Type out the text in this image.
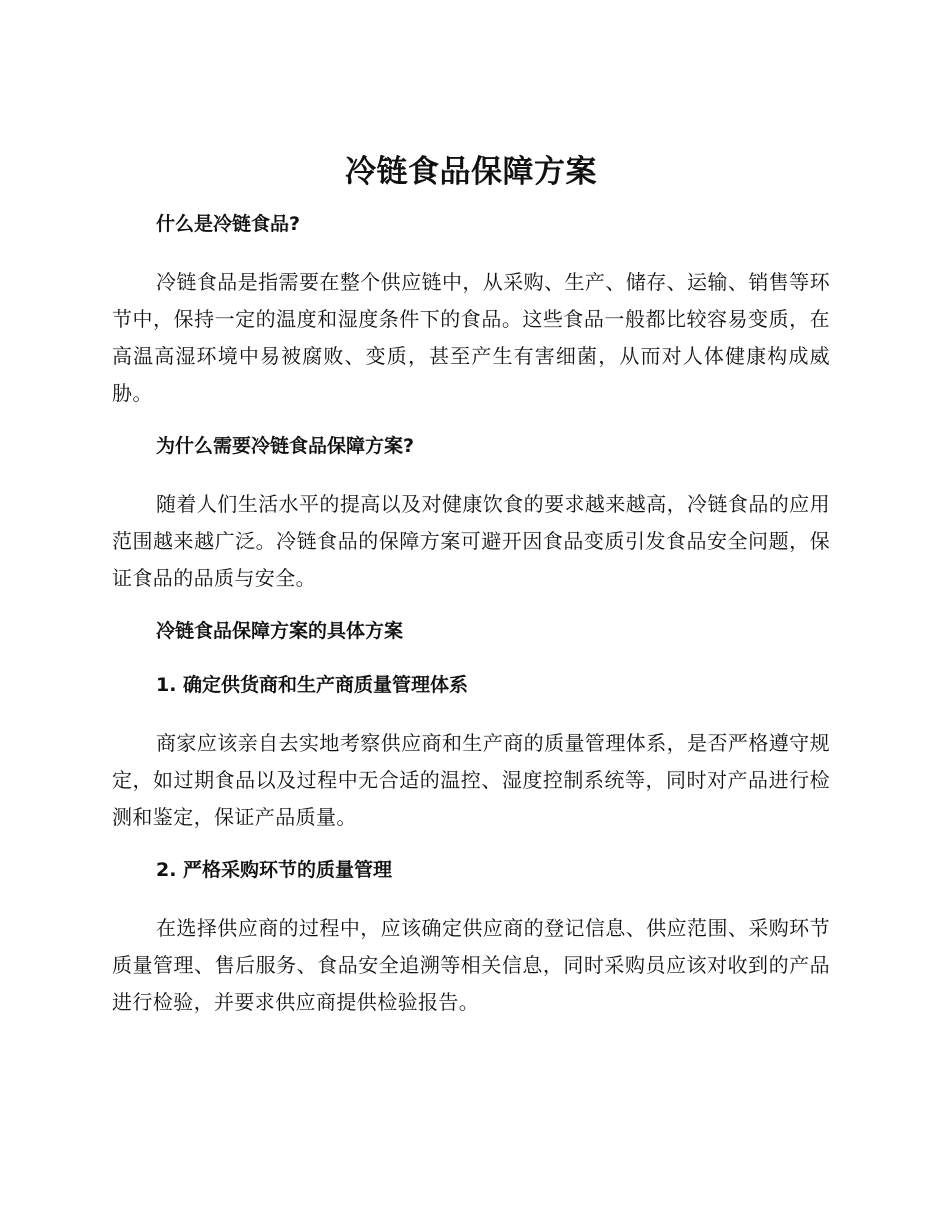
冷链食品保障方案
什么是冷链食品?

冷链食品是指需要在整个供应链中，从采购、生产、储存、运输、销售等环节中，保持一定的温度和湿度条件下的食品。这些食品一般都比较容易变质，在高温高湿环境中易被腐败、变质，甚至产生有害细菌，从而对人体健康构成威胁。

为什么需要冷链食品保障方案?

随着人们生活水平的提高以及对健康饮食的要求越来越高，冷链食品的应用范围越来越广泛。冷链食品的保障方案可避开因食品变质引发食品安全问题，保证食品的品质与安全。

冷链食品保障方案的具体方案
1. 确定供货商和生产商质量管理体系

商家应该亲自去实地考察供应商和生产商的质量管理体系，是否严格遵守规定，如过期食品以及过程中无合适的温控、湿度控制系统等，同时对产品进行检测和鉴定，保证产品质量。

2. 严格采购环节的质量管理

在选择供应商的过程中，应该确定供应商的登记信息、供应范围、采购环节质量管理、售后服务、食品安全追溯等相关信息，同时采购员应该对收到的产品进行检验，并要求供应商提供检验报告。
